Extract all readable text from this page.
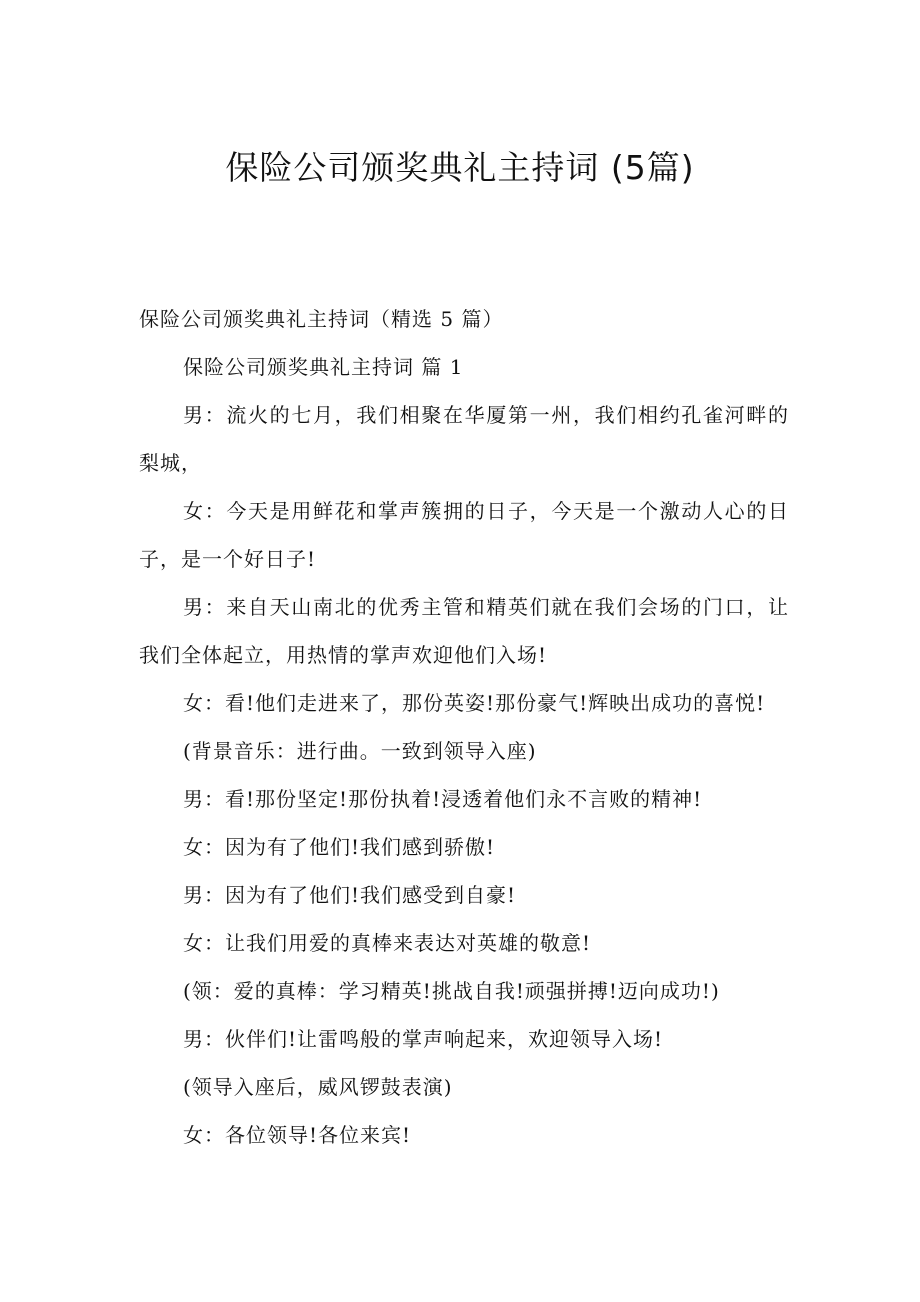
保险公司颁奖典礼主持词 (5篇)

保险公司颁奖典礼主持词（精选 5 篇）

保险公司颁奖典礼主持词 篇 1

男：流火的七月，我们相聚在华厦第一州，我们相约孔雀河畔的梨城，

女：今天是用鲜花和掌声簇拥的日子，今天是一个激动人心的日子，是一个好日子!

男：来自天山南北的优秀主管和精英们就在我们会场的门口，让我们全体起立，用热情的掌声欢迎他们入场!

女：看!他们走进来了，那份英姿!那份豪气!辉映出成功的喜悦!

(背景音乐：进行曲。一致到领导入座)

男：看!那份坚定!那份执着!浸透着他们永不言败的精神!

女：因为有了他们!我们感到骄傲!

男：因为有了他们!我们感受到自豪!

女：让我们用爱的真棒来表达对英雄的敬意!

(领：爱的真棒：学习精英!挑战自我!顽强拼搏!迈向成功!)

男：伙伴们!让雷鸣般的掌声响起来，欢迎领导入场!

(领导入座后，威风锣鼓表演)

女：各位领导!各位来宾!
